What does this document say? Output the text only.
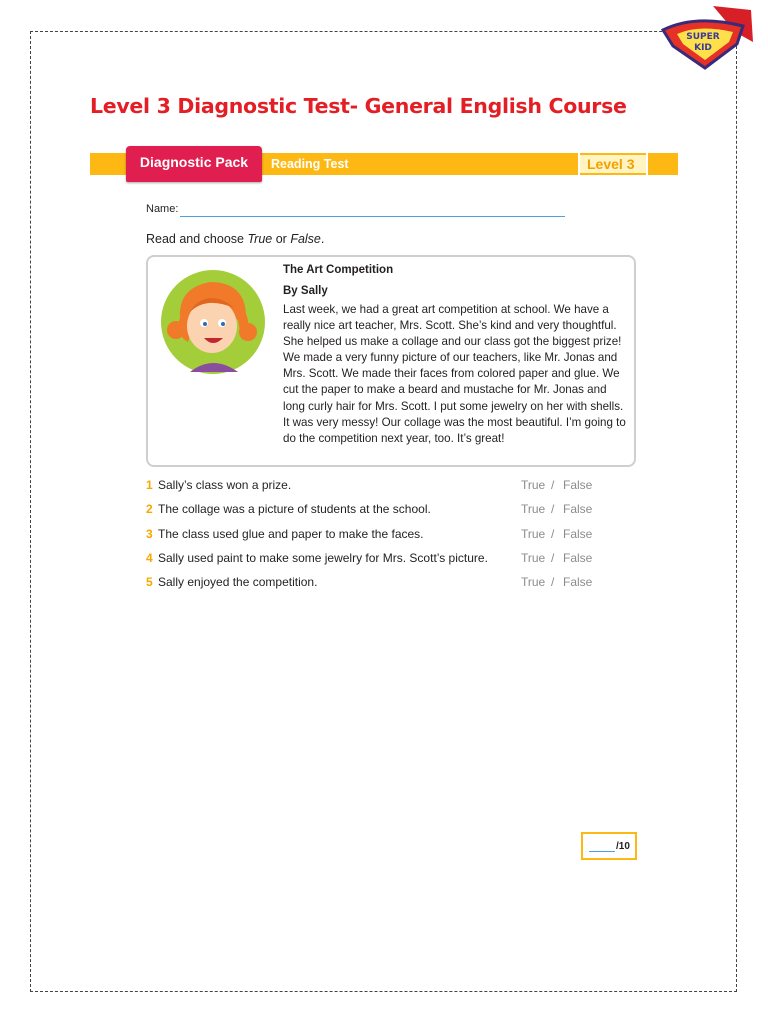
SUPER
KID
Level 3 Diagnostic Test- General English Course
Diagnostic Pack	Reading Test	Level 3
Name:
Read and choose True or False.
The Art Competition
By Sally

Last week, we had a great art competition at school. We have a really nice art teacher, Mrs. Scott. She’s kind and very thoughtful. She helped us make a collage and our class got the biggest prize! We made a very funny picture of our teachers, like Mr. Jonas and Mrs. Scott. We made their faces from colored paper and glue. We cut the paper to make a beard and mustache for Mr. Jonas and long curly hair for Mrs. Scott. I put some jewelry on her with shells. It was very messy! Our collage was the most beautiful. I’m going to do the competition next year, too. It’s great!

1 Sally’s class won a prize.	True / False
2 The collage was a picture of students at the school.	True / False
3 The class used glue and paper to make the faces.	True / False
4 Sally used paint to make some jewelry for Mrs. Scott’s picture.	True / False
5 Sally enjoyed the competition.	True / False
/10
